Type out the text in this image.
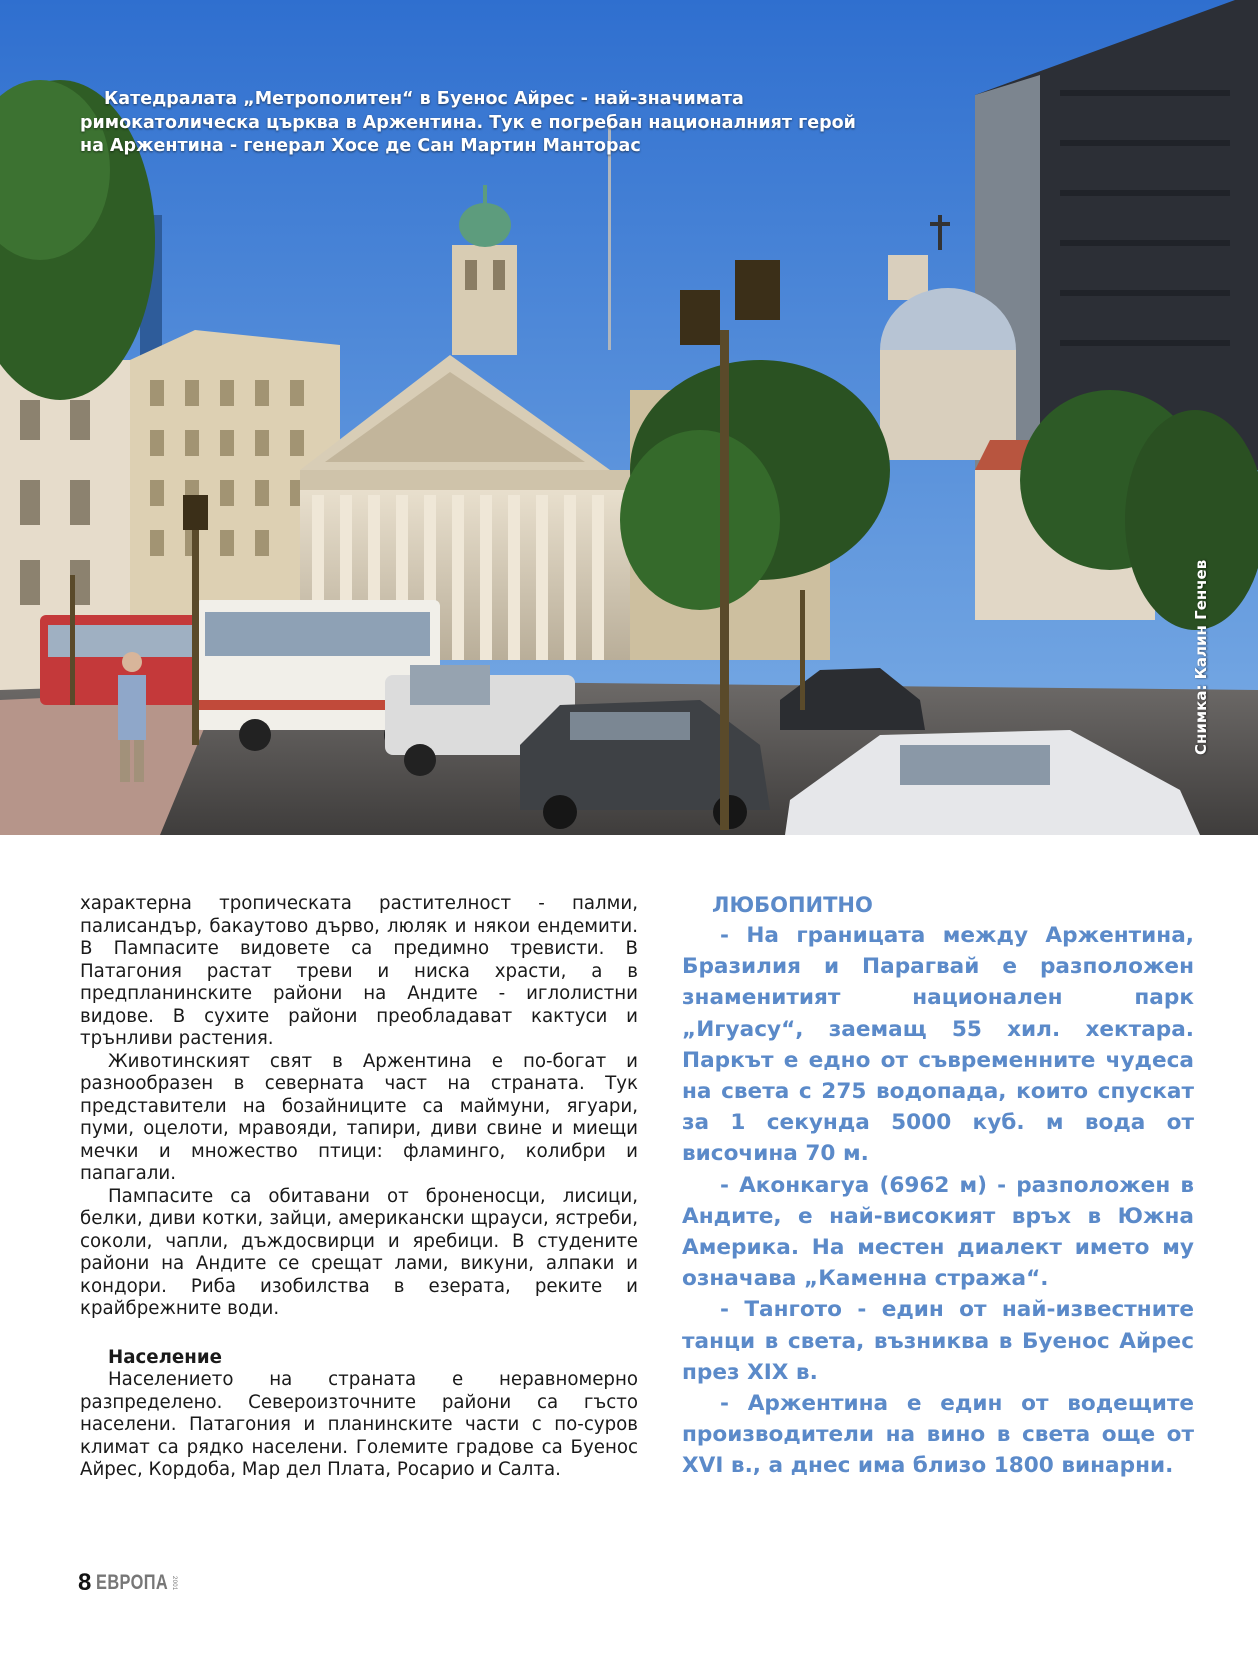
Катедралата „Метрополитен“ в Буенос Айрес - най-значимата римокатолическа църква в Аржентина. Тук е погребан националният герой на Аржентина - генерал Хосе де Сан Мартин Манторас
Снимка: Калин Генчев

характерна тропическата растителност - палми, палисандър, бакаутово дърво, люляк и някои ендемити. В Пампасите видовете са предимно тревисти. В Патагония растат треви и ниска храсти, а в предпланинските райони на Андите - иглолистни видове. В сухите райони преобладават кактуси и трънливи растения.

Животинският свят в Аржентина е по-богат и разнообразен в северната част на страната. Тук представители на бозайниците са маймуни, ягуари, пуми, оцелоти, мравояди, тапири, диви свине и миещи мечки и множество птици: фламинго, колибри и папагали.

Пампасите са обитавани от броненосци, лисици, белки, диви котки, зайци, американски щрауси, ястреби, соколи, чапли, дъждосвирци и яребици. В студените райони на Андите се срещат лами, викуни, алпаки и кондори. Риба изобилства в езерата, реките и крайбрежните води.

Население

Населението на страната е неравномерно разпределено. Североизточните райони са гъсто населени. Патагония и планинските части с по-суров климат са рядко населени. Големите градове са Буенос Айрес, Кордоба, Мар дел Плата, Росарио и Салта.

ЛЮБОПИТНО

- На границата между Аржентина, Бразилия и Парагвай е разположен знаменитият национален парк „Игуасу“, заемащ 55 хил. хектара. Паркът е едно от съвременните чудеса на света с 275 водопада, които спускат за 1 секунда 5000 куб. м вода от височина 70 м.

- Аконкагуа (6962 м) - разположен в Андите, е най-високият връх в Южна Америка. На местен диалект името му означава „Каменна стража“.

- Тангото - един от най-известните танци в света, възниква в Буенос Айрес през XIX в.

- Аржентина е един от водещите производители на вино в света още от XVI в., а днес има близо 1800 винарни.

8 ЕВРОПА 2001
